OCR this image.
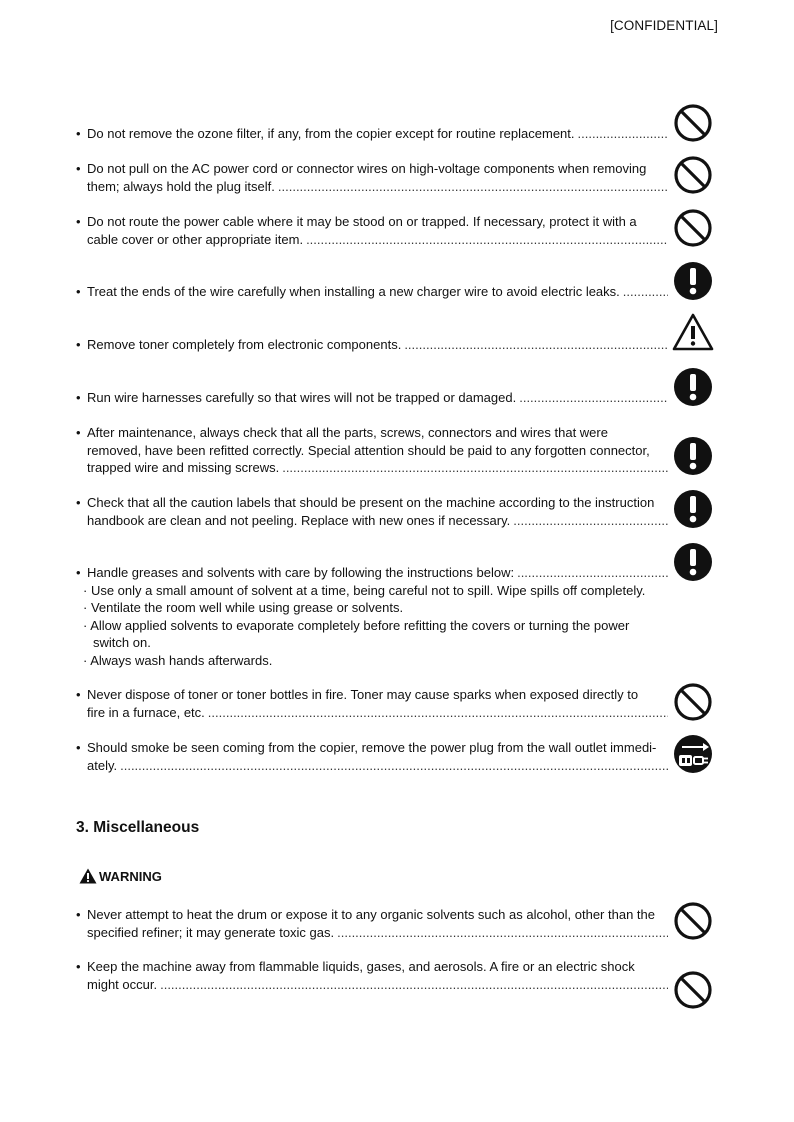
[CONFIDENTIAL]
• Do not remove the ozone filter, if any, from the copier except for routine replacement.
.....
• Do not pull on the AC power cord or connector wires on high-voltage components when removing
them; always hold the plug itself.
.....
• Do not route the power cable where it may be stood on or trapped. If necessary, protect it with a
cable cover or other appropriate item.
.....
• Treat the ends of the wire carefully when installing a new charger wire to avoid electric leaks.
.....
• Remove toner completely from electronic components.
.....
• Run wire harnesses carefully so that wires will not be trapped or damaged.
.....
• After maintenance, always check that all the parts, screws, connectors and wires that were
removed, have been refitted correctly. Special attention should be paid to any forgotten connector,
trapped wire and missing screws.
.....
• Check that all the caution labels that should be present on the machine according to the instruction
handbook are clean and not peeling. Replace with new ones if necessary.
.....
• Handle greases and solvents with care by following the instructions below:
.....
· Use only a small amount of solvent at a time, being careful not to spill. Wipe spills off completely.
· Ventilate the room well while using grease or solvents.
· Allow applied solvents to evaporate completely before refitting the covers or turning the power
switch on.
· Always wash hands afterwards.
• Never dispose of toner or toner bottles in fire. Toner may cause sparks when exposed directly to
fire in a furnace, etc.
.....
• Should smoke be seen coming from the copier, remove the power plug from the wall outlet immedi-
ately.
.....
3. Miscellaneous
WARNING
• Never attempt to heat the drum or expose it to any organic solvents such as alcohol, other than the
specified refiner; it may generate toxic gas.
.....
• Keep the machine away from flammable liquids, gases, and aerosols. A fire or an electric shock
might occur.
.....
